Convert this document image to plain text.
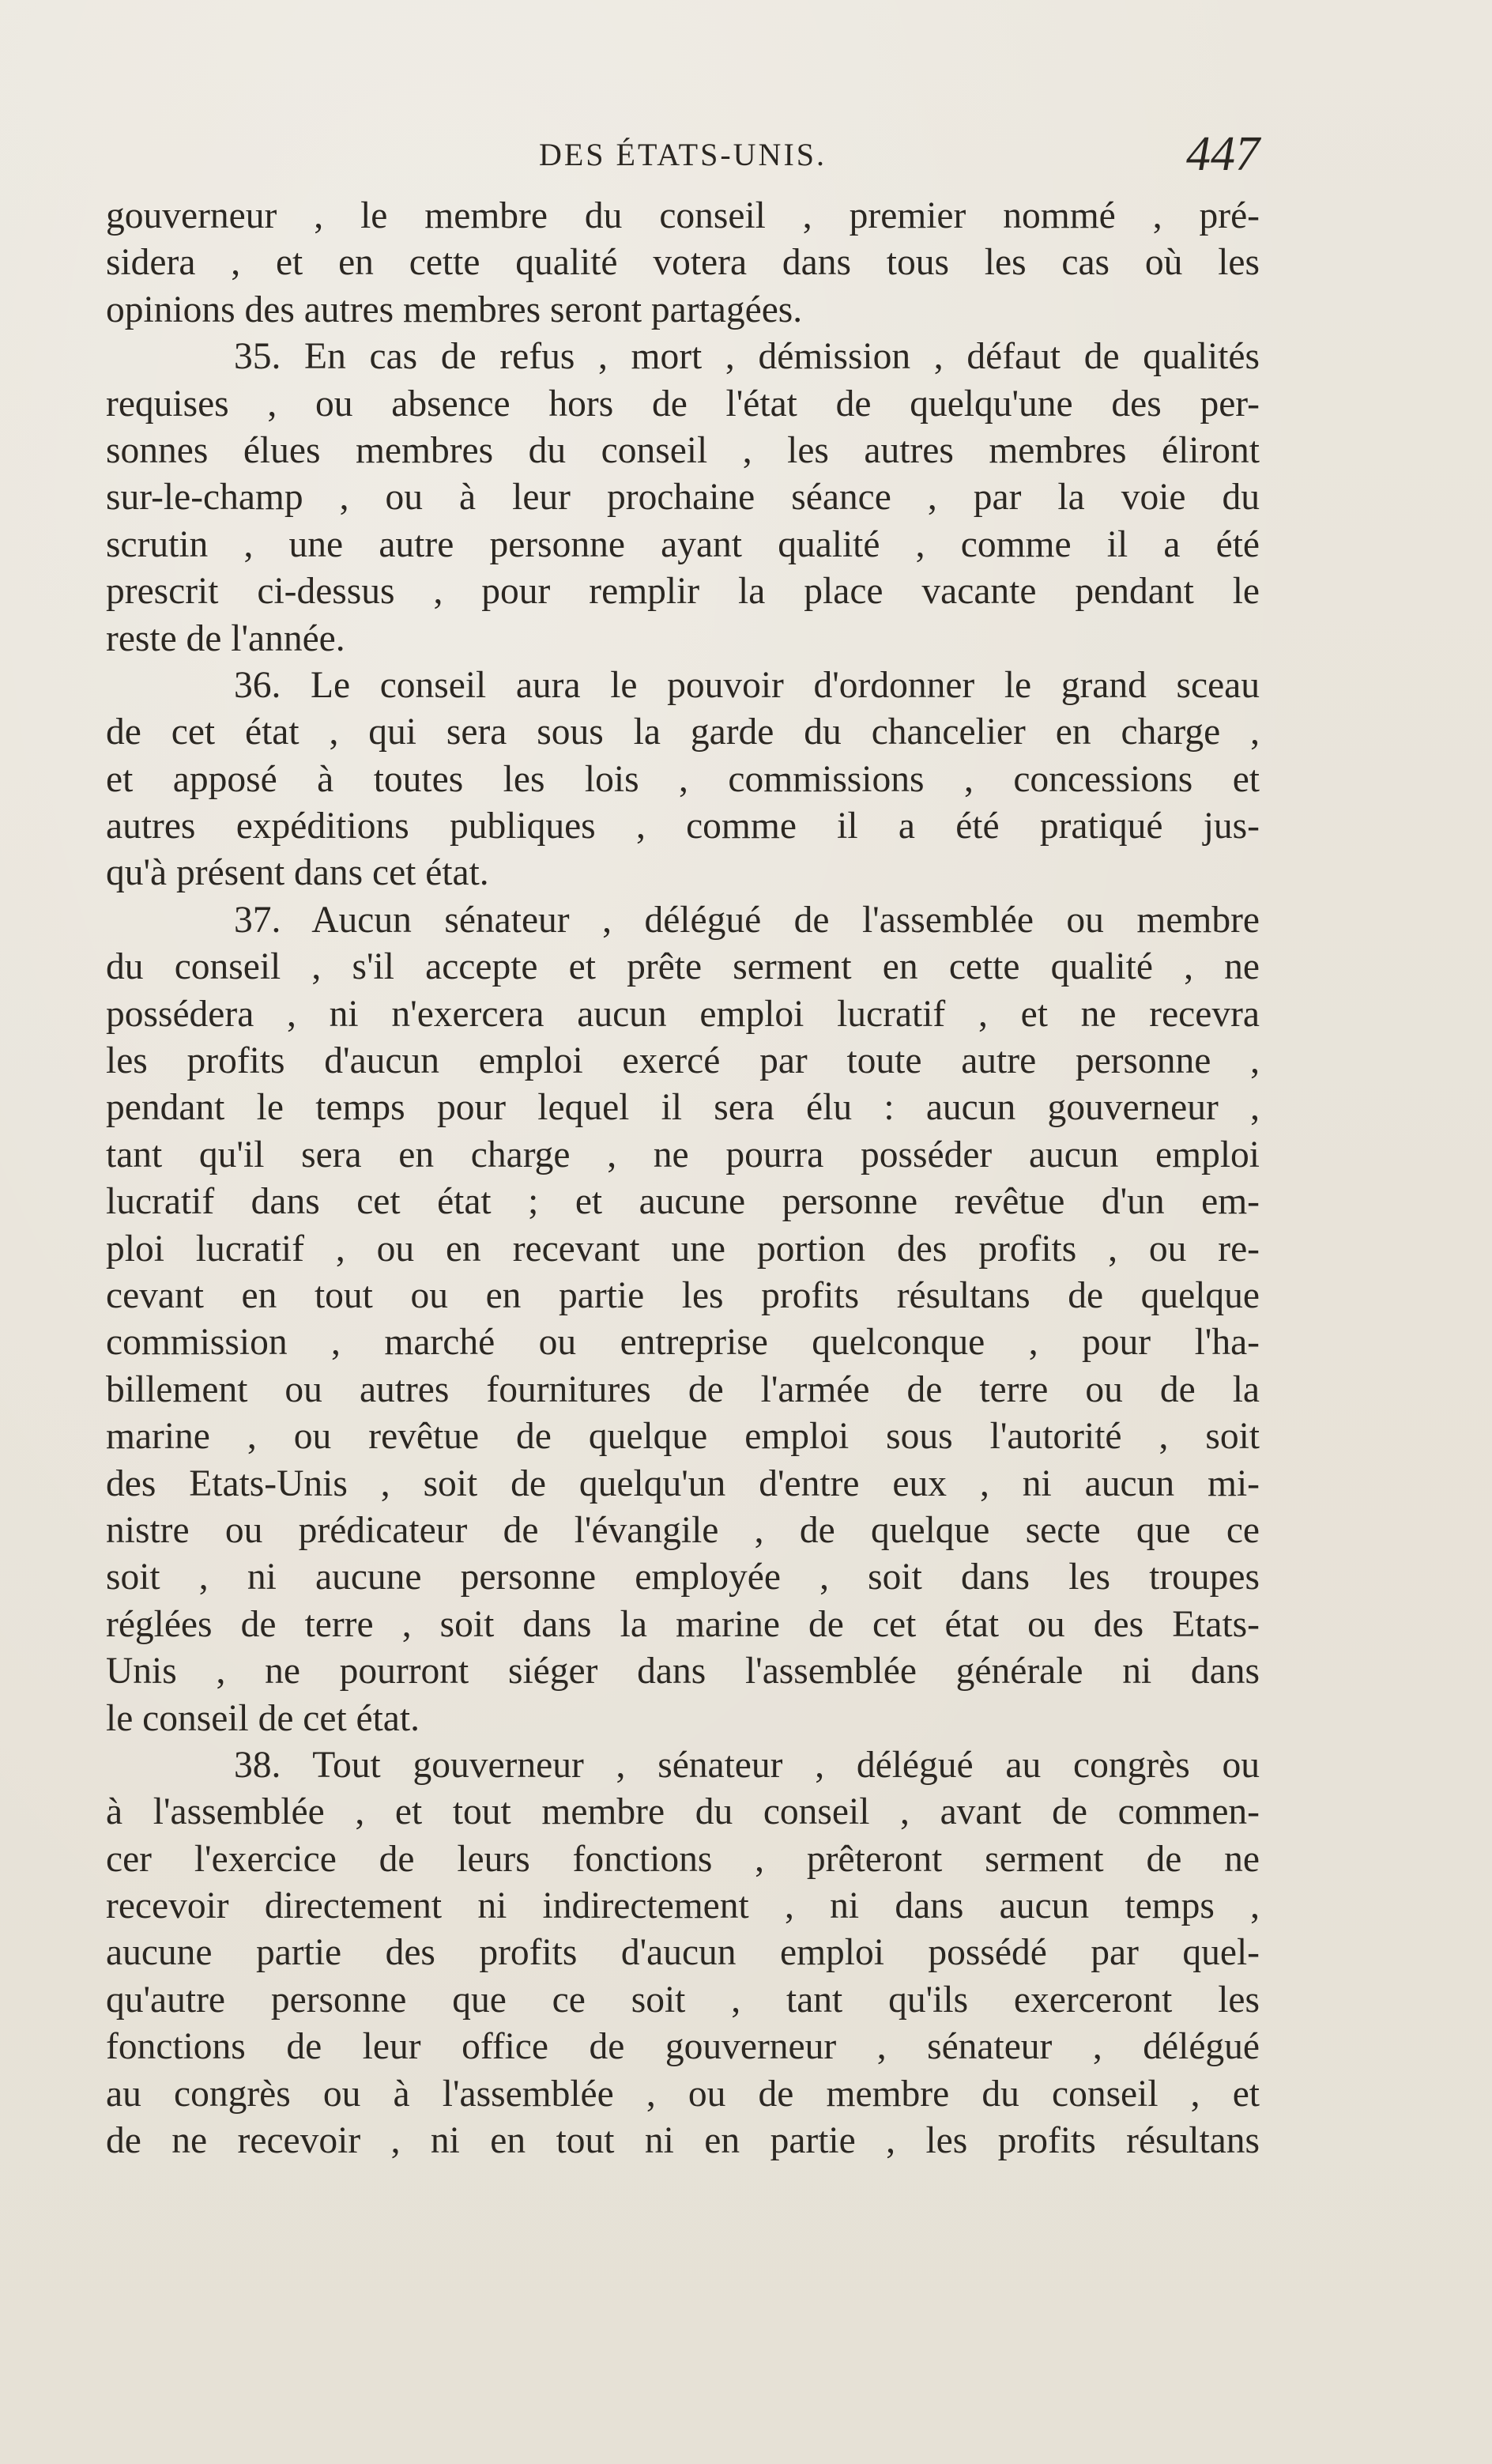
DES ÉTATS-UNIS.	447
gouverneur , le membre du conseil , premier nommé , pré-
sidera , et en cette qualité votera dans tous les cas où les
opinions des autres membres seront partagées.
35. En cas de refus , mort , démission , défaut de qualités
requises , ou absence hors de l'état de quelqu'une des per-
sonnes élues membres du conseil , les autres membres éliront
sur-le-champ , ou à leur prochaine séance , par la voie du
scrutin , une autre personne ayant qualité , comme il a été
prescrit ci-dessus , pour remplir la place vacante pendant le
reste de l'année.
36. Le conseil aura le pouvoir d'ordonner le grand sceau
de cet état , qui sera sous la garde du chancelier en charge ,
et apposé à toutes les lois , commissions , concessions et
autres expéditions publiques , comme il a été pratiqué jus-
qu'à présent dans cet état.
37. Aucun sénateur , délégué de l'assemblée ou membre
du conseil , s'il accepte et prête serment en cette qualité , ne
possédera , ni n'exercera aucun emploi lucratif , et ne recevra
les profits d'aucun emploi exercé par toute autre personne ,
pendant le temps pour lequel il sera élu : aucun gouverneur ,
tant qu'il sera en charge , ne pourra posséder aucun emploi
lucratif dans cet état ; et aucune personne revêtue d'un em-
ploi lucratif , ou en recevant une portion des profits , ou re-
cevant en tout ou en partie les profits résultans de quelque
commission , marché ou entreprise quelconque , pour l'ha-
billement ou autres fournitures de l'armée de terre ou de la
marine , ou revêtue de quelque emploi sous l'autorité , soit
des Etats-Unis , soit de quelqu'un d'entre eux , ni aucun mi-
nistre ou prédicateur de l'évangile , de quelque secte que ce
soit , ni aucune personne employée , soit dans les troupes
réglées de terre , soit dans la marine de cet état ou des Etats-
Unis , ne pourront siéger dans l'assemblée générale ni dans
le conseil de cet état.
38. Tout gouverneur , sénateur , délégué au congrès ou
à l'assemblée , et tout membre du conseil , avant de commen-
cer l'exercice de leurs fonctions , prêteront serment de ne
recevoir directement ni indirectement , ni dans aucun temps ,
aucune partie des profits d'aucun emploi possédé par quel-
qu'autre personne que ce soit , tant qu'ils exerceront les
fonctions de leur office de gouverneur , sénateur , délégué
au congrès ou à l'assemblée , ou de membre du conseil , et
de ne recevoir , ni en tout ni en partie , les profits résultans
